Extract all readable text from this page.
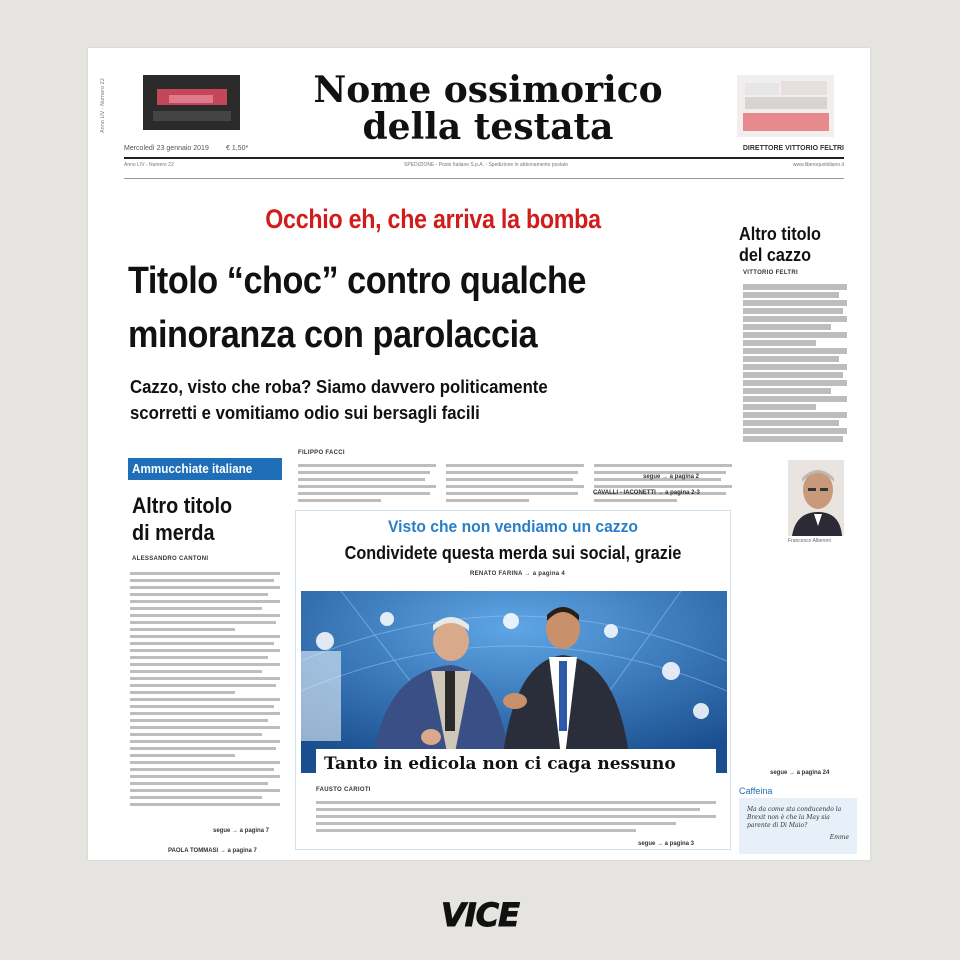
Anno LIV - Numero 22	Nome ossimorico
della testata
Mercoledì 23 gennaio 2019 € 1,50*	DIRETTORE VITTORIO FELTRI
Anno LIV - Numero 22	SPEDIZIONE - Poste Italiane S.p.A. - Spedizione in abbonamento postale	www.liberoquotidiano.it
Occhio eh, che arriva la bomba
Titolo “choc” contro qualche
minoranza con parolaccia
Cazzo, visto che roba? Siamo davvero politicamente
scorretti e vomitiamo odio sui bersagli facili
Altro titolo
del cazzo
VITTORIO FELTRI
Francesco Alberoni
segue → a pagina 24
Caffeina
Ma da come sta conducendo la Brexit non è che la May sia parente di Di Maio?
Emme
Ammucchiate italiane
Altro titolo
di merda
ALESSANDRO CANTONI
segue → a pagina 7
PAOLA TOMMASI → a pagina 7
FILIPPO FACCI
segue → a pagina 2
CAVALLI - IACONETTI → a pagina 2-3
Visto che non vendiamo un cazzo
Condividete questa merda sui social, grazie
RENATO FARINA → a pagina 4
Tanto in edicola non ci caga nessuno
FAUSTO CARIOTI
segue → a pagina 3
VICE
